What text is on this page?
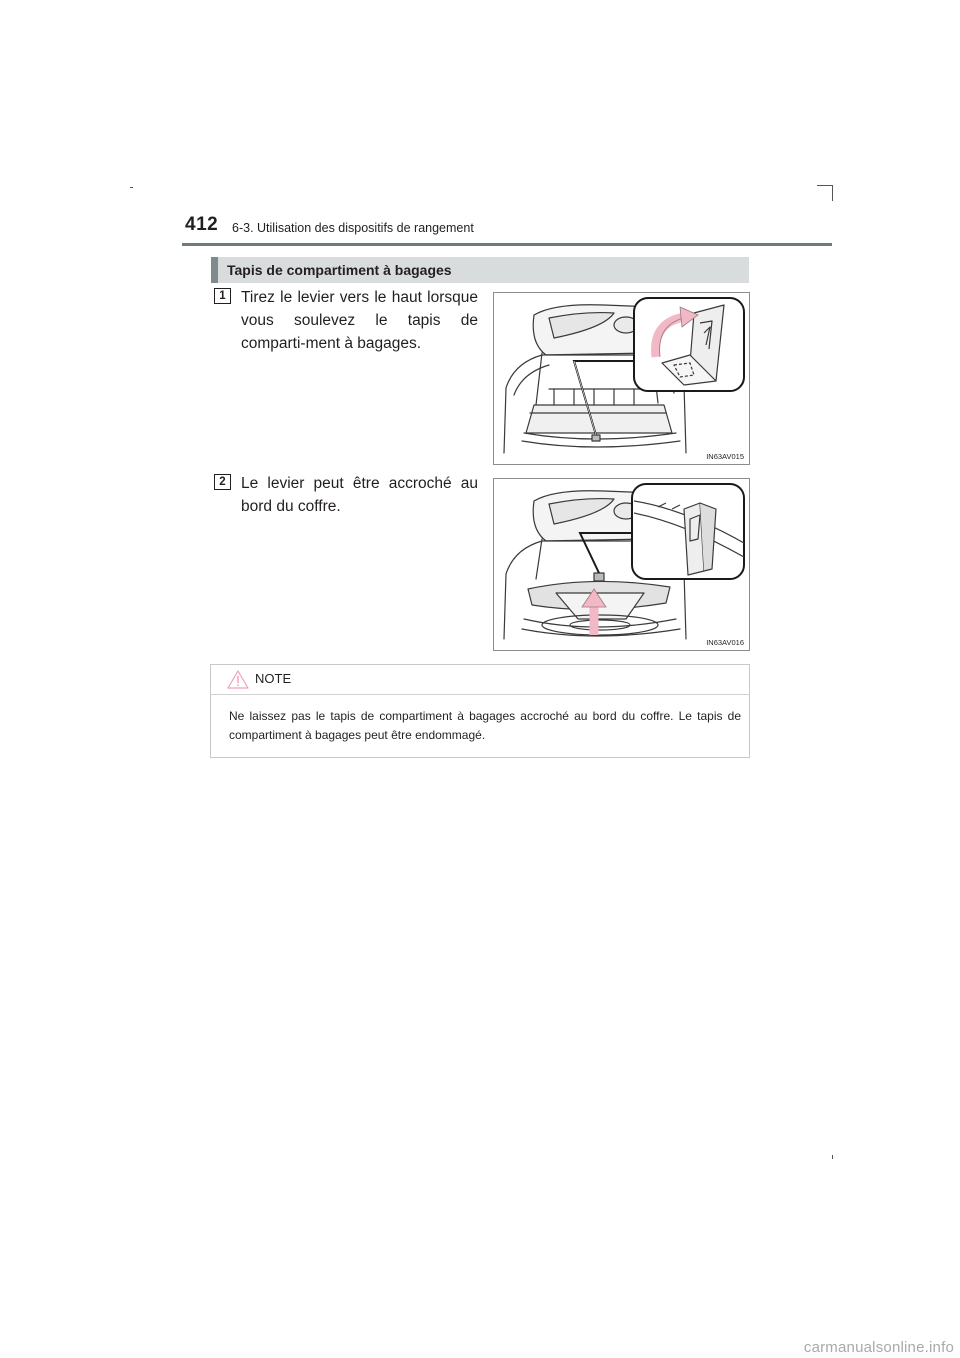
412 6-3. Utilisation des dispositifs de rangement
Tapis de compartiment à bagages
1 Tirez le levier vers le haut lorsque vous soulevez le tapis de comparti-ment à bagages.
IN63AV015
2 Le levier peut être accroché au bord du coffre.
IN63AV016
NOTE
Ne laissez pas le tapis de compartiment à bagages accroché au bord du coffre. Le tapis de compartiment à bagages peut être endommagé.
carmanualsonline.info
